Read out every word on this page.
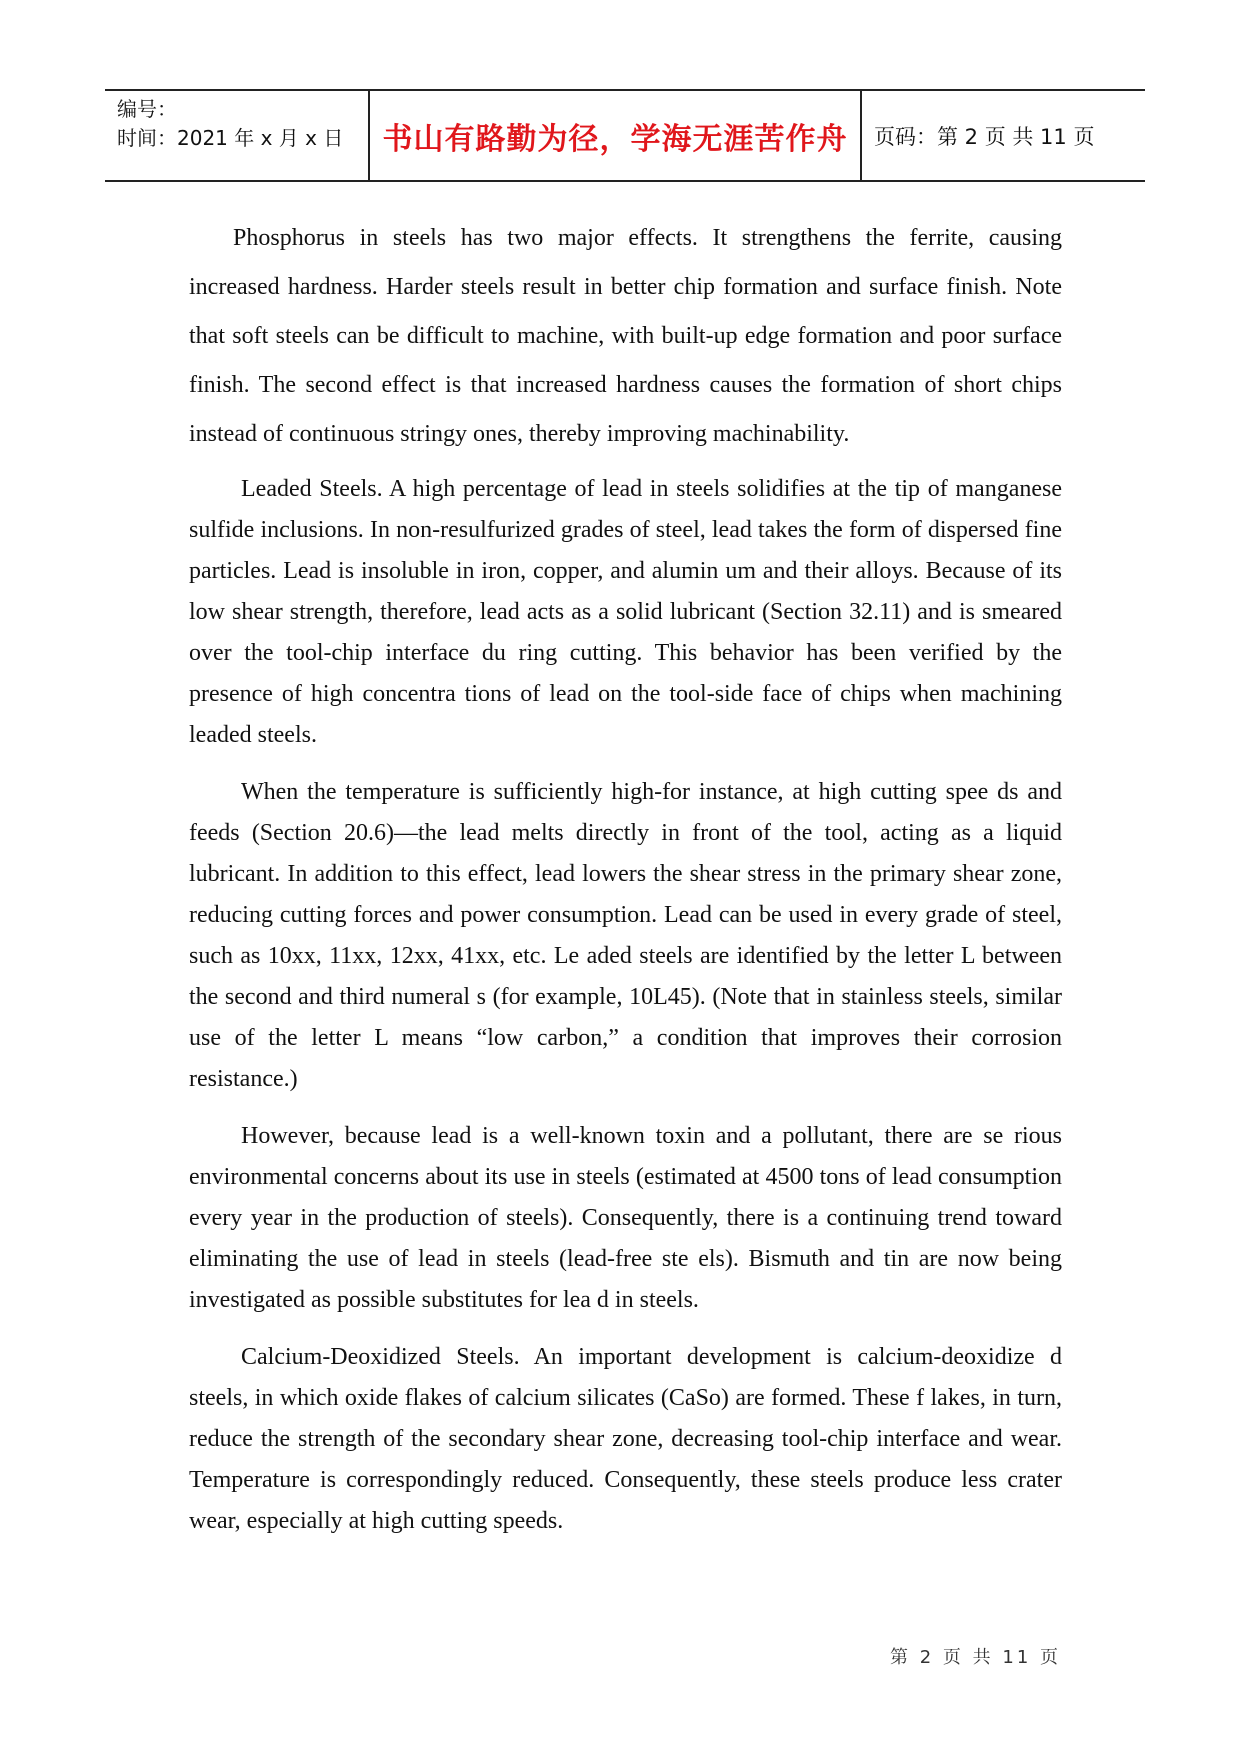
编号：
时间：2021 年 x 月 x 日	书山有路勤为径，学海无涯苦作舟 页码：第 2 页 共 11 页

Phosphorus in steels has two major effects. It strengthens the ferrite, causing increased hardness. Harder steels result in better chip formation and surface finish. Note that soft steels can be difficult to machine, with built-up edge formation and poor surface finish. The second effect is that increased hardness causes the formation of short chips instead of continuous stringy ones, thereby improving machinability.

Leaded Steels. A high percentage of lead in steels solidifies at the tip of manganese sulfide inclusions. In non-resulfurized grades of steel, lead takes the form of dispersed fine particles. Lead is insoluble in iron, copper, and alumin um and their alloys. Because of its low shear strength, therefore, lead acts as a solid lubricant (Section 32.11) and is smeared over the tool-chip interface du ring cutting. This behavior has been verified by the presence of high concentra tions of lead on the tool-side face of chips when machining leaded steels.

When the temperature is sufficiently high-for instance, at high cutting spee ds and feeds (Section 20.6)—the lead melts directly in front of the tool, acting as a liquid lubricant. In addition to this effect, lead lowers the shear stress in the primary shear zone, reducing cutting forces and power consumption. Lead can be used in every grade of steel, such as 10xx, 11xx, 12xx, 41xx, etc. Le aded steels are identified by the letter L between the second and third numeral s (for example, 10L45). (Note that in stainless steels, similar use of the letter L means “low carbon,” a condition that improves their corrosion resistance.)

However, because lead is a well-known toxin and a pollutant, there are se rious environmental concerns about its use in steels (estimated at 4500 tons of lead consumption every year in the production of steels). Consequently, there is a continuing trend toward eliminating the use of lead in steels (lead-free ste els). Bismuth and tin are now being investigated as possible substitutes for lea d in steels.

Calcium-Deoxidized Steels. An important development is calcium-deoxidize d steels, in which oxide flakes of calcium silicates (CaSo) are formed. These f lakes, in turn, reduce the strength of the secondary shear zone, decreasing tool-chip interface and wear. Temperature is correspondingly reduced. Consequently, these steels produce less crater wear, especially at high cutting speeds.

第 2 页 共 11 页
